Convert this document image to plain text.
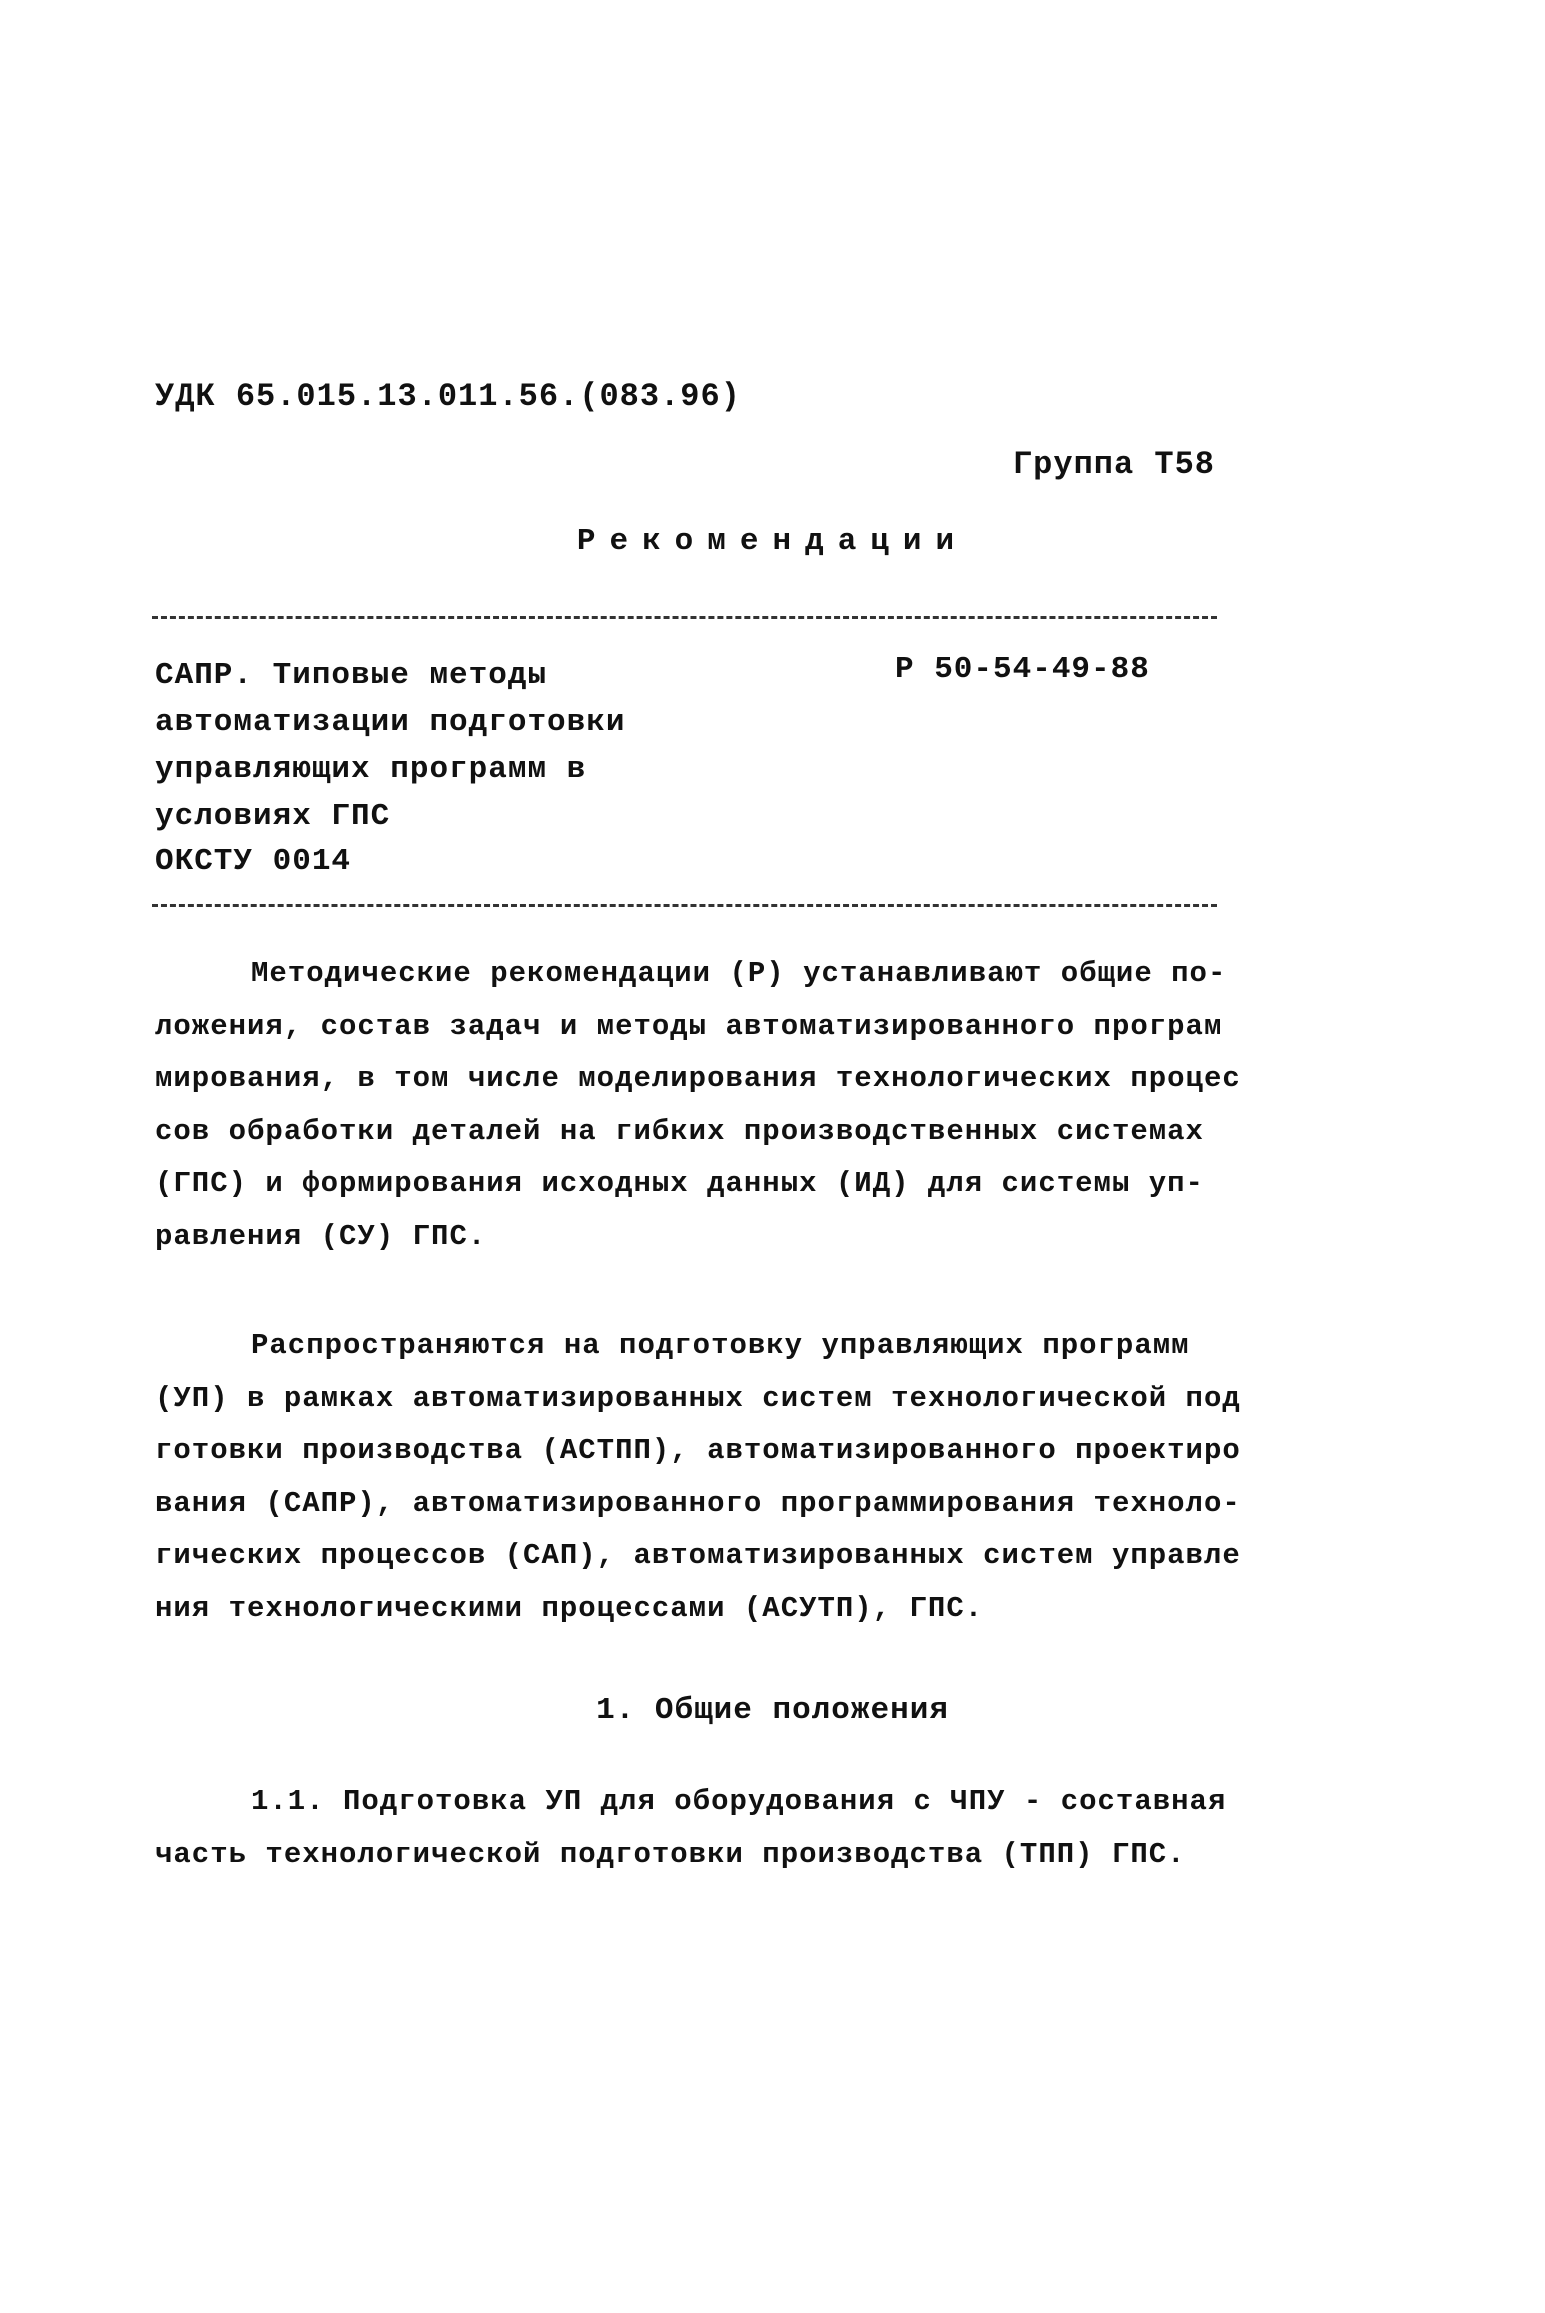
УДК 65.015.13.011.56.(083.96)
Группа Т58
Рекомендации
САПР. Типовые методы
автоматизации подготовки
управляющих программ в
условиях ГПС
Р 50-54-49-88
ОКСТУ 0014
Методические рекомендации (Р) устанавливают общие по-
ложения, состав задач и методы автоматизированного програм
мирования, в том числе моделирования технологических процес
сов обработки деталей на гибких производственных системах
(ГПС) и формирования исходных данных (ИД) для системы уп-
равления (СУ) ГПС.
Распространяются на подготовку управляющих программ
(УП) в рамках автоматизированных систем технологической под
готовки производства (АСТПП), автоматизированного проектиро
вания (САПР), автоматизированного программирования техноло-
гических процессов (САП), автоматизированных систем управле
ния технологическими процессами (АСУТП), ГПС.
1. Общие положения
1.1. Подготовка УП для оборудования с ЧПУ - составная
часть технологической подготовки производства (ТПП) ГПС.
